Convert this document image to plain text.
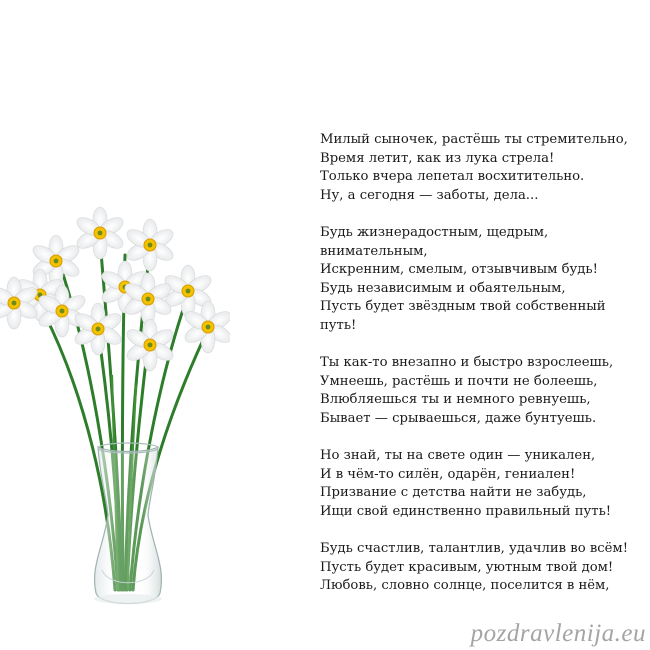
Милый сыночек, растёшь ты стремительно,
Время летит, как из лука стрела!
Только вчера лепетал восхитительно.
Ну, а сегодня — заботы, дела...
Будь жизнерадостным, щедрым, внимательным,
Искренним, смелым, отзывчивым будь!
Будь независимым и обаятельным,
Пусть будет звёздным твой собственный путь!
Ты как-то внезапно и быстро взрослеешь,
Умнеешь, растёшь и почти не болеешь,
Влюбляешься ты и немного ревнуешь,
Бывает — срываешься, даже бунтуешь.
Но знай, ты на свете один — уникален,
И в чём-то силён, одарён, гениален!
Призвание с детства найти не забудь,
Ищи свой единственно правильный путь!
Будь счастлив, талантлив, удачлив во всём!
Пусть будет красивым, уютным твой дом!
Любовь, словно солнце, поселится в нём,
pozdravlenija.eu
